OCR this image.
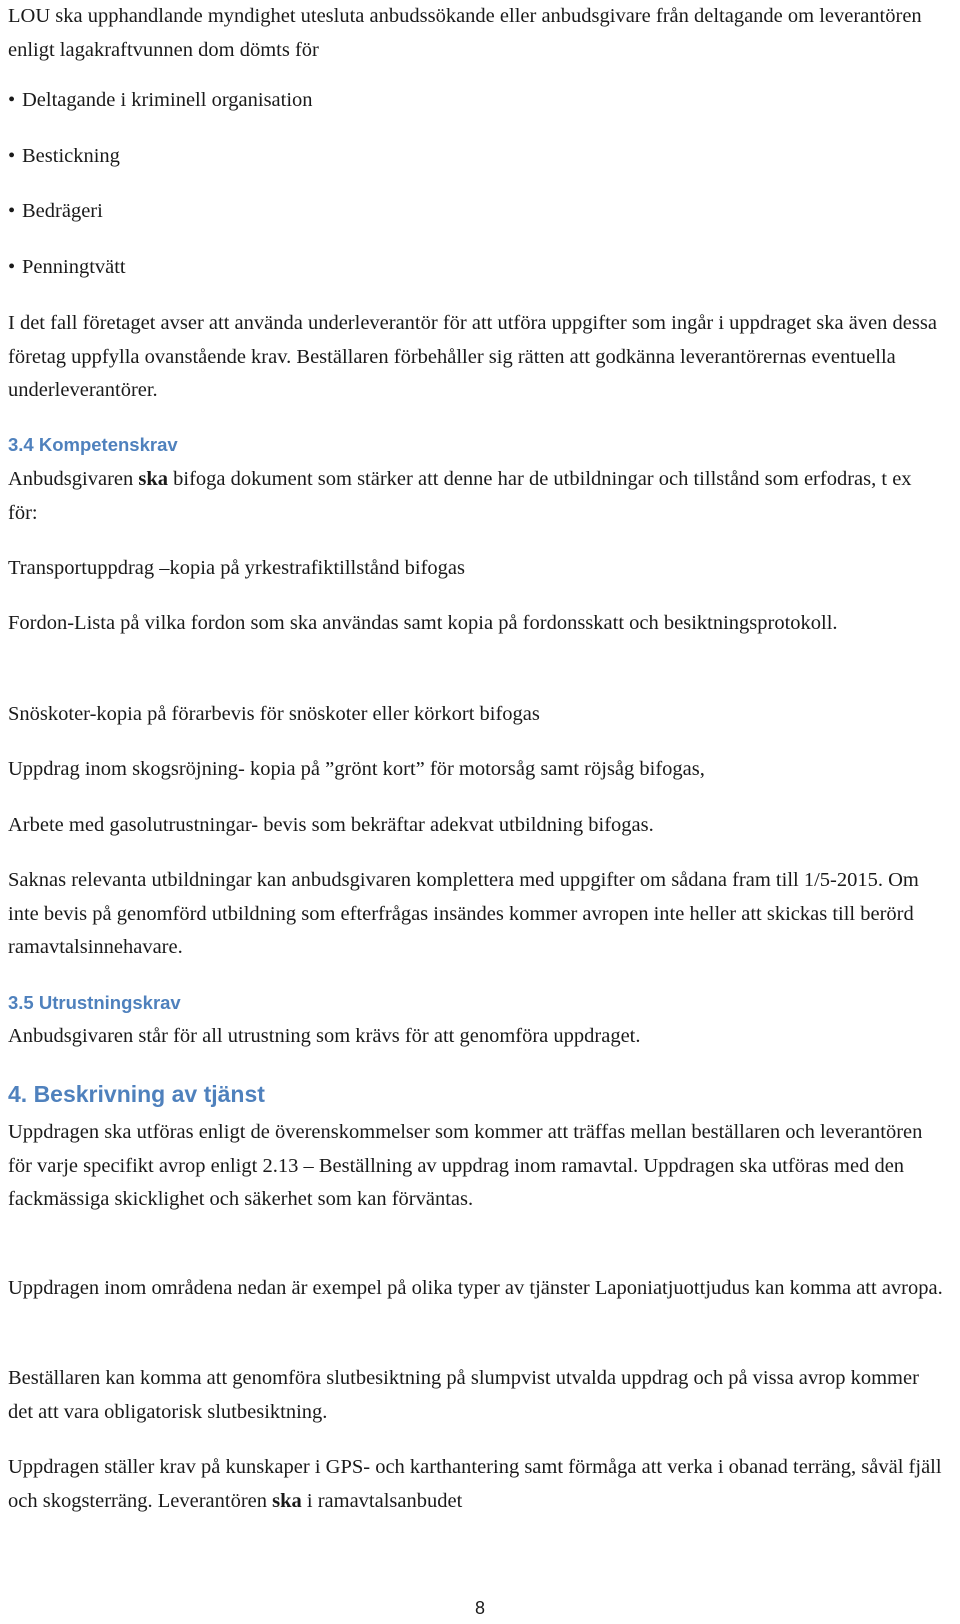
LOU ska upphandlande myndighet utesluta anbudssökande eller anbudsgivare från deltagande om leverantören enligt lagakraftvunnen dom dömts för

• Deltagande i kriminell organisation

• Bestickning

• Bedrägeri

• Penningtvätt

I det fall företaget avser att använda underleverantör för att utföra uppgifter som ingår i uppdraget ska även dessa företag uppfylla ovanstående krav. Beställaren förbehåller sig rätten att godkänna leverantörernas eventuella underleverantörer.

3.4 Kompetenskrav

Anbudsgivaren ska bifoga dokument som stärker att denne har de utbildningar och tillstånd som erfodras, t ex för:

Transportuppdrag –kopia på yrkestrafiktillstånd bifogas

Fordon-Lista på vilka fordon som ska användas samt kopia på fordonsskatt och besiktningsprotokoll.

Snöskoter-kopia på förarbevis för snöskoter eller körkort bifogas

Uppdrag inom skogsröjning- kopia på ”grönt kort” för motorsåg samt röjsåg bifogas,

Arbete med gasolutrustningar- bevis som bekräftar adekvat utbildning bifogas.

Saknas relevanta utbildningar kan anbudsgivaren komplettera med uppgifter om sådana fram till 1/5-2015. Om inte bevis på genomförd utbildning som efterfrågas insändes kommer avropen inte heller att skickas till berörd ramavtalsinnehavare.

3.5 Utrustningskrav

Anbudsgivaren står för all utrustning som krävs för att genomföra uppdraget.

4. Beskrivning av tjänst

Uppdragen ska utföras enligt de överenskommelser som kommer att träffas mellan beställaren och leverantören för varje specifikt avrop enligt 2.13 – Beställning av uppdrag inom ramavtal. Uppdragen ska utföras med den fackmässiga skicklighet och säkerhet som kan förväntas.

Uppdragen inom områdena nedan är exempel på olika typer av tjänster Laponiatjuottjudus kan komma att avropa.

Beställaren kan komma att genomföra slutbesiktning på slumpvist utvalda uppdrag och på vissa avrop kommer det att vara obligatorisk slutbesiktning.

Uppdragen ställer krav på kunskaper i GPS- och karthantering samt förmåga att verka i obanad terräng, såväl fjäll och skogsterräng. Leverantören ska i ramavtalsanbudet

8
